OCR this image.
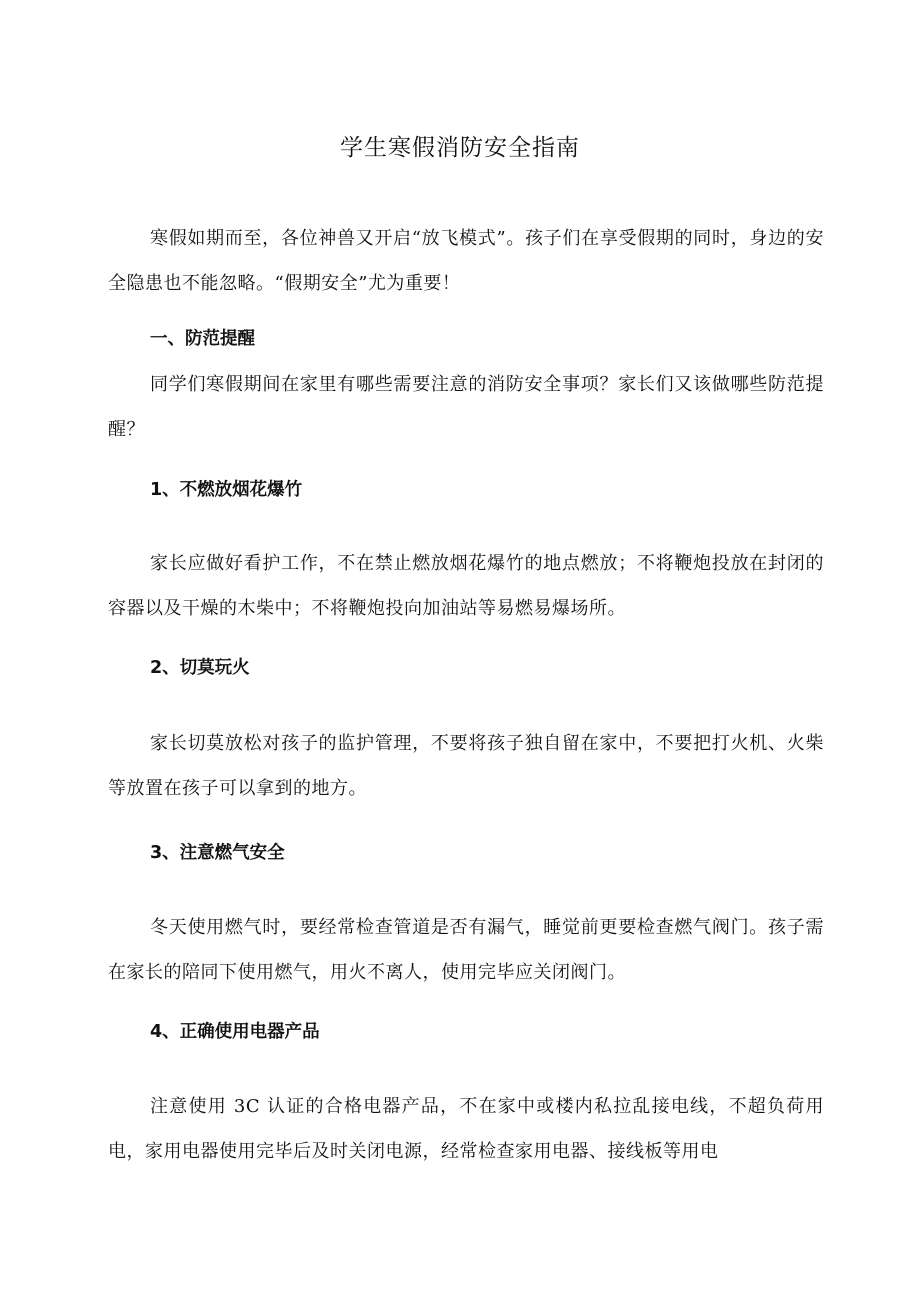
学生寒假消防安全指南

寒假如期而至，各位神兽又开启“放飞模式”。孩子们在享受假期的同时，身边的安全隐患也不能忽略。“假期安全”尤为重要！

一、防范提醒

同学们寒假期间在家里有哪些需要注意的消防安全事项？家长们又该做哪些防范提醒？

1、不燃放烟花爆竹

家长应做好看护工作，不在禁止燃放烟花爆竹的地点燃放；不将鞭炮投放在封闭的容器以及干燥的木柴中；不将鞭炮投向加油站等易燃易爆场所。

2、切莫玩火

家长切莫放松对孩子的监护管理，不要将孩子独自留在家中，不要把打火机、火柴等放置在孩子可以拿到的地方。

3、注意燃气安全

冬天使用燃气时，要经常检查管道是否有漏气，睡觉前更要检查燃气阀门。孩子需在家长的陪同下使用燃气，用火不离人，使用完毕应关闭阀门。

4、正确使用电器产品

注意使用 3C 认证的合格电器产品，不在家中或楼内私拉乱接电线，不超负荷用电，家用电器使用完毕后及时关闭电源，经常检查家用电器、接线板等用电
